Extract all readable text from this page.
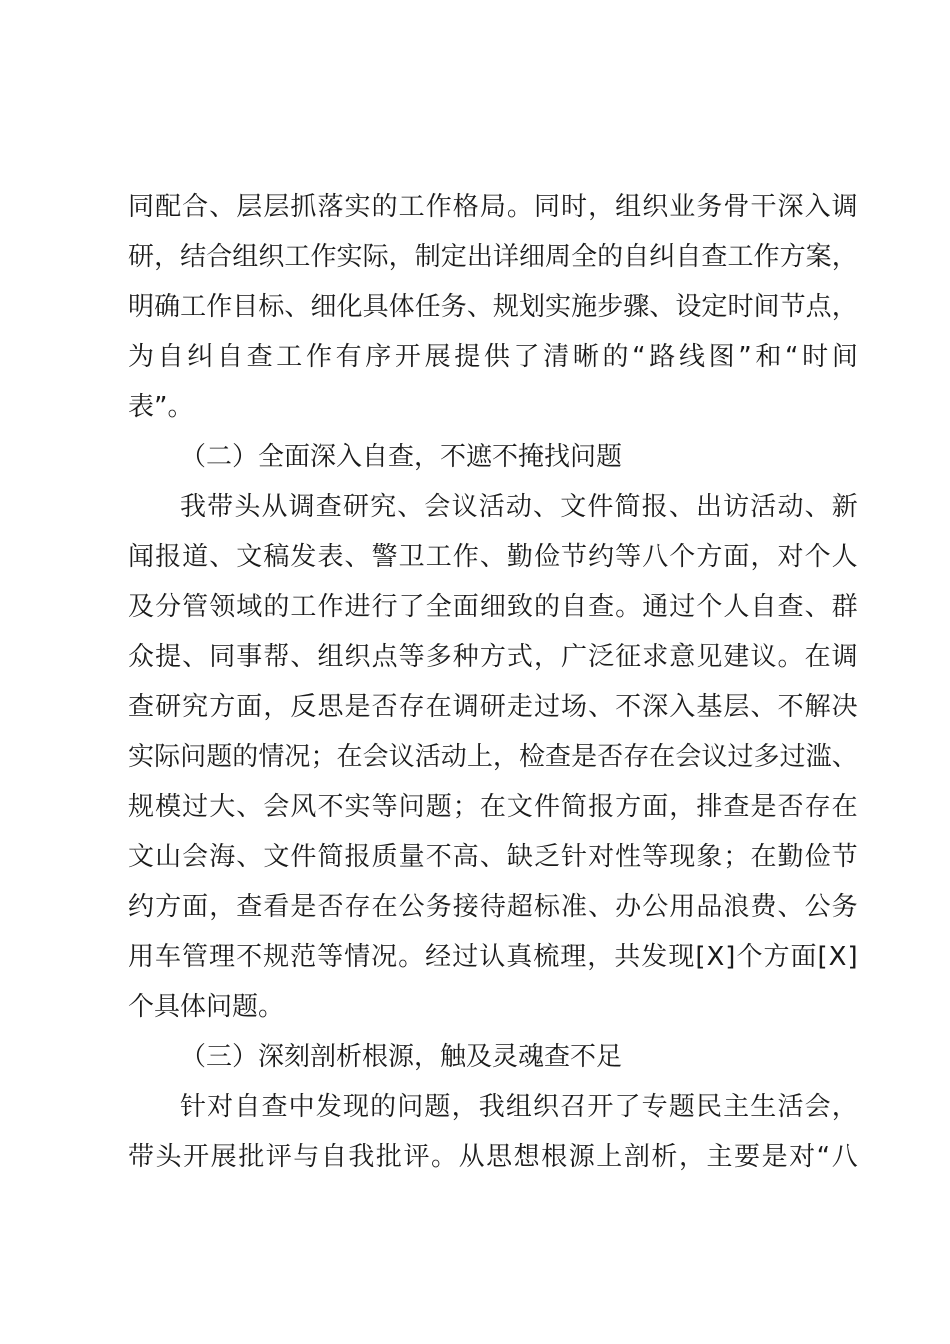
同 配 合 、 层 层 抓 落 实 的 工 作 格 局 。 同 时 ， 组 织 业 务 骨 干 深 入 调
研 ， 结 合 组 织 工 作 实 际 ， 制 定 出 详 细 周 全 的 自 纠 自 查 工 作 方 案 ，
明 确 工 作 目 标 、 细 化 具 体 任 务 、 规 划 实 施 步 骤 、 设 定 时 间 节 点 ，
为 自 纠 自 查 工 作 有 序 开 展 提 供 了 清 晰 的 “ 路 线 图 ” 和 “ 时 间
表”。
（二）全面深入自查，不遮不掩找问题
我 带 头 从 调 查 研 究 、 会 议 活 动 、 文 件 简 报 、 出 访 活 动 、 新
闻 报 道 、 文 稿 发 表 、 警 卫 工 作 、 勤 俭 节 约 等 八 个 方 面 ， 对 个 人
及 分 管 领 域 的 工 作 进 行 了 全 面 细 致 的 自 查 。 通 过 个 人 自 查 、 群
众 提 、 同 事 帮 、 组 织 点 等 多 种 方 式 ， 广 泛 征 求 意 见 建 议 。 在 调
查 研 究 方 面 ， 反 思 是 否 存 在 调 研 走 过 场 、 不 深 入 基 层 、 不 解 决
实 际 问 题 的 情 况 ； 在 会 议 活 动 上 ， 检 查 是 否 存 在 会 议 过 多 过 滥 、
规 模 过 大 、 会 风 不 实 等 问 题 ； 在 文 件 简 报 方 面 ， 排 查 是 否 存 在
文 山 会 海 、 文 件 简 报 质 量 不 高 、 缺 乏 针 对 性 等 现 象 ； 在 勤 俭 节
约 方 面 ， 查 看 是 否 存 在 公 务 接 待 超 标 准 、 办 公 用 品 浪 费 、 公 务
用 车 管 理 不 规 范 等 情 况 。 经 过 认 真 梳 理 ， 共 发 现 [ X ] 个 方 面 [ X ]
个具体问题。
（三）深刻剖析根源，触及灵魂查不足
针 对 自 查 中 发 现 的 问 题 ， 我 组 织 召 开 了 专 题 民 主 生 活 会 ，
带 头 开 展 批 评 与 自 我 批 评 。 从 思 想 根 源 上 剖 析 ， 主 要 是 对 “ 八
